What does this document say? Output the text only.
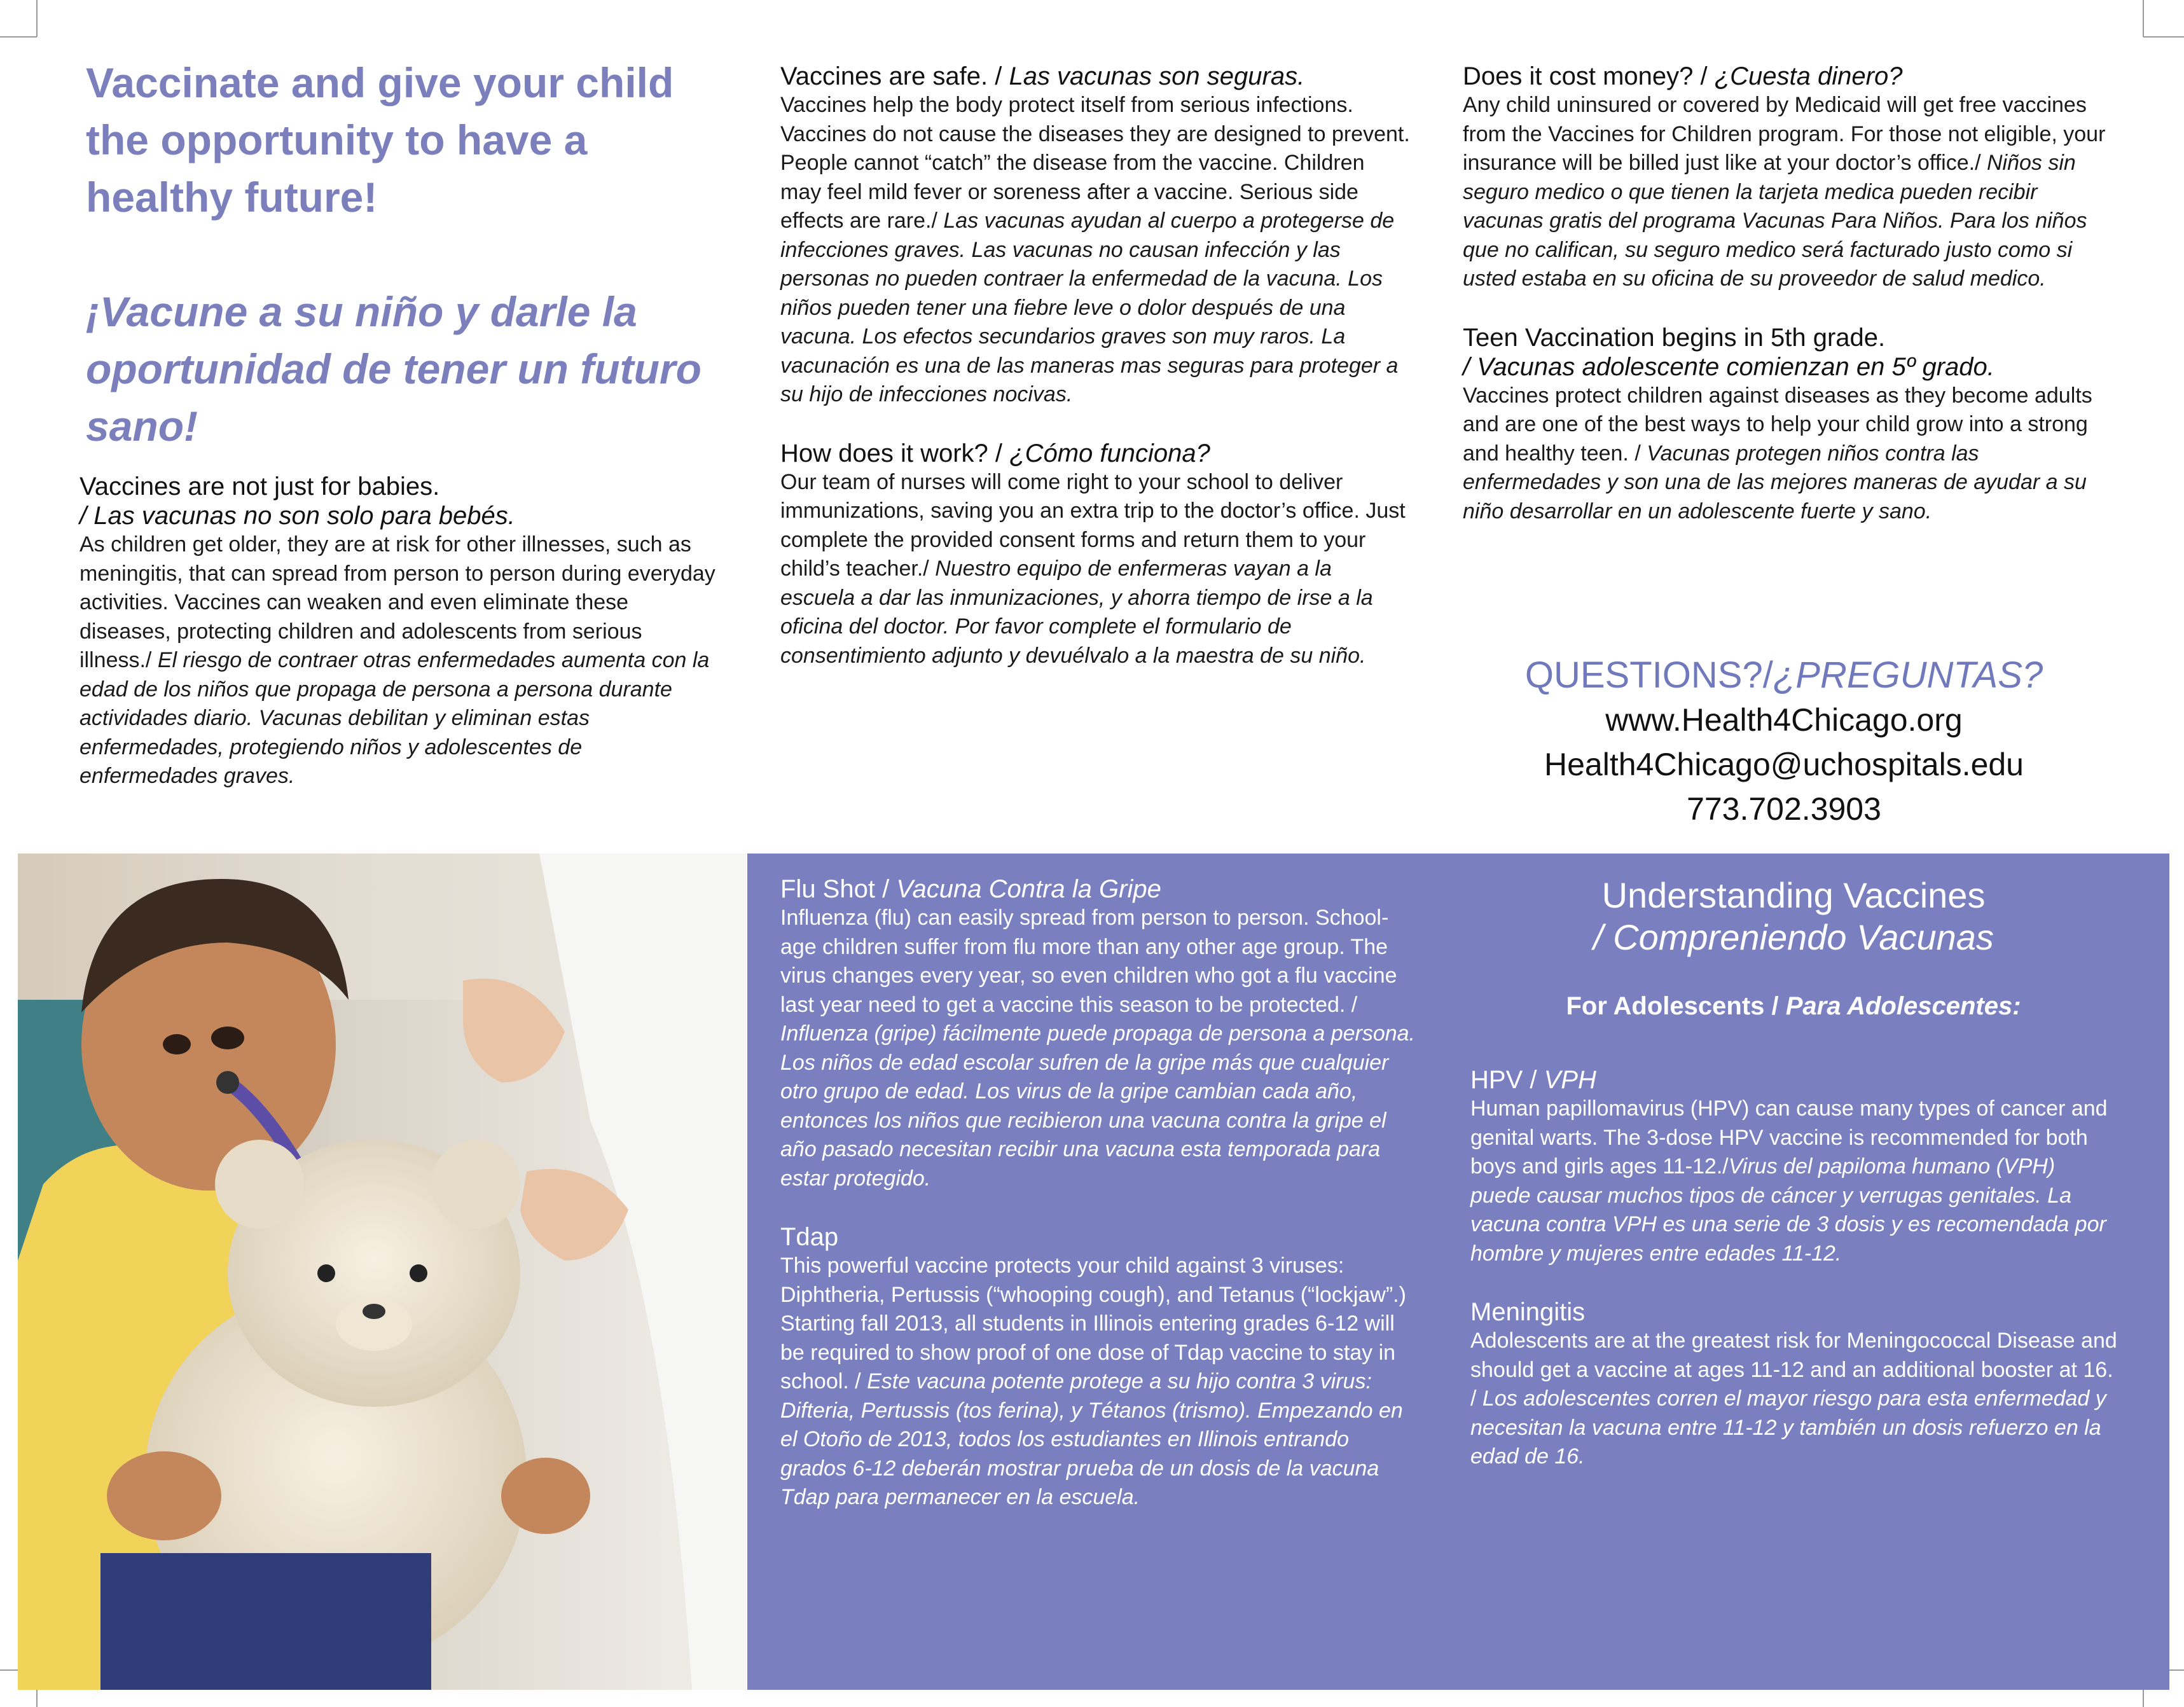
Vaccinate and give your child the opportunity to have a healthy future!
¡Vacune a su niño y darle la oportunidad de tener un futuro sano!

Vaccines are not just for babies.

/ Las vacunas no son solo para bebés.

As children get older, they are at risk for other illnesses, such as meningitis, that can spread from person to person during everyday activities. Vaccines can weaken and even eliminate these diseases, protecting children and adolescents from serious illness./ El riesgo de contraer otras enfermedades aumenta con la edad de los niños que propaga de persona a persona durante actividades diario. Vacunas debilitan y eliminan estas enfermedades, protegiendo niños y adolescentes de enfermedades graves.

Vaccines are safe. / Las vacunas son seguras.

Vaccines help the body protect itself from serious infections. Vaccines do not cause the diseases they are designed to prevent. People cannot “catch” the disease from the vaccine. Children may feel mild fever or soreness after a vaccine. Serious side effects are rare./ Las vacunas ayudan al cuerpo a protegerse de infecciones graves. Las vacunas no causan infección y las personas no pueden contraer la enfermedad de la vacuna. Los niños pueden tener una fiebre leve o dolor después de una vacuna. Los efectos secundarios graves son muy raros. La vacunación es una de las maneras mas seguras para proteger a su hijo de infecciones nocivas.

How does it work? / ¿Cómo funciona?

Our team of nurses will come right to your school to deliver immunizations, saving you an extra trip to the doctor’s office. Just complete the provided consent forms and return them to your child’s teacher./ Nuestro equipo de enfermeras vayan a la escuela a dar las inmunizaciones, y ahorra tiempo de irse a la oficina del doctor. Por favor complete el formulario de consentimiento adjunto y devuélvalo a la maestra de su niño.

Does it cost money? / ¿Cuesta dinero?

Any child uninsured or covered by Medicaid will get free vaccines from the Vaccines for Children program. For those not eligible, your insurance will be billed just like at your doctor’s office./ Niños sin seguro medico o que tienen la tarjeta medica pueden recibir vacunas gratis del programa Vacunas Para Niños. Para los niños que no califican, su seguro medico será facturado justo como si usted estaba en su oficina de su proveedor de salud medico.

Teen Vaccination begins in 5th grade.

/ Vacunas adolescente comienzan en 5º grado.

Vaccines protect children against diseases as they become adults and are one of the best ways to help your child grow into a strong and healthy teen. / Vacunas protegen niños contra las enfermedades y son una de las mejores maneras de ayudar a su niño desarrollar en un adolescente fuerte y sano.

QUESTIONS?/¿PREGUNTAS?
www.Health4Chicago.org
Health4Chicago@uchospitals.edu
773.702.3903

Flu Shot / Vacuna Contra la Gripe

Influenza (flu) can easily spread from person to person. School-age children suffer from flu more than any other age group. The virus changes every year, so even children who got a flu vaccine last year need to get a vaccine this season to be protected. / Influenza (gripe) fácilmente puede propaga de persona a persona. Los niños de edad escolar sufren de la gripe más que cualquier otro grupo de edad. Los virus de la gripe cambian cada año, entonces los niños que recibieron una vacuna contra la gripe el año pasado necesitan recibir una vacuna esta temporada para estar protegido.

Tdap

This powerful vaccine protects your child against 3 viruses: Diphtheria, Pertussis (“whooping cough), and Tetanus (“lockjaw”.) Starting fall 2013, all students in Illinois entering grades 6-12 will be required to show proof of one dose of Tdap vaccine to stay in school. / Este vacuna potente protege a su hijo contra 3 virus: Difteria, Pertussis (tos ferina), y Tétanos (trismo). Empezando en el Otoño de 2013, todos los estudiantes en Illinois entrando grados 6-12 deberán mostrar prueba de un dosis de la vacuna Tdap para permanecer en la escuela.

Understanding Vaccines
/ Compreniendo Vacunas
For Adolescents / Para Adolescentes:

HPV / VPH

Human papillomavirus (HPV) can cause many types of cancer and genital warts. The 3-dose HPV vaccine is recommended for both boys and girls ages 11-12./Virus del papiloma humano (VPH) puede causar muchos tipos de cáncer y verrugas genitales. La vacuna contra VPH es una serie de 3 dosis y es recomendada por hombre y mujeres entre edades 11-12.

Meningitis

Adolescents are at the greatest risk for Meningococcal Disease and should get a vaccine at ages 11-12 and an additional booster at 16. / Los adolescentes corren el mayor riesgo para esta enfermedad y necesitan la vacuna entre 11-12 y también un dosis refuerzo en la edad de 16.
